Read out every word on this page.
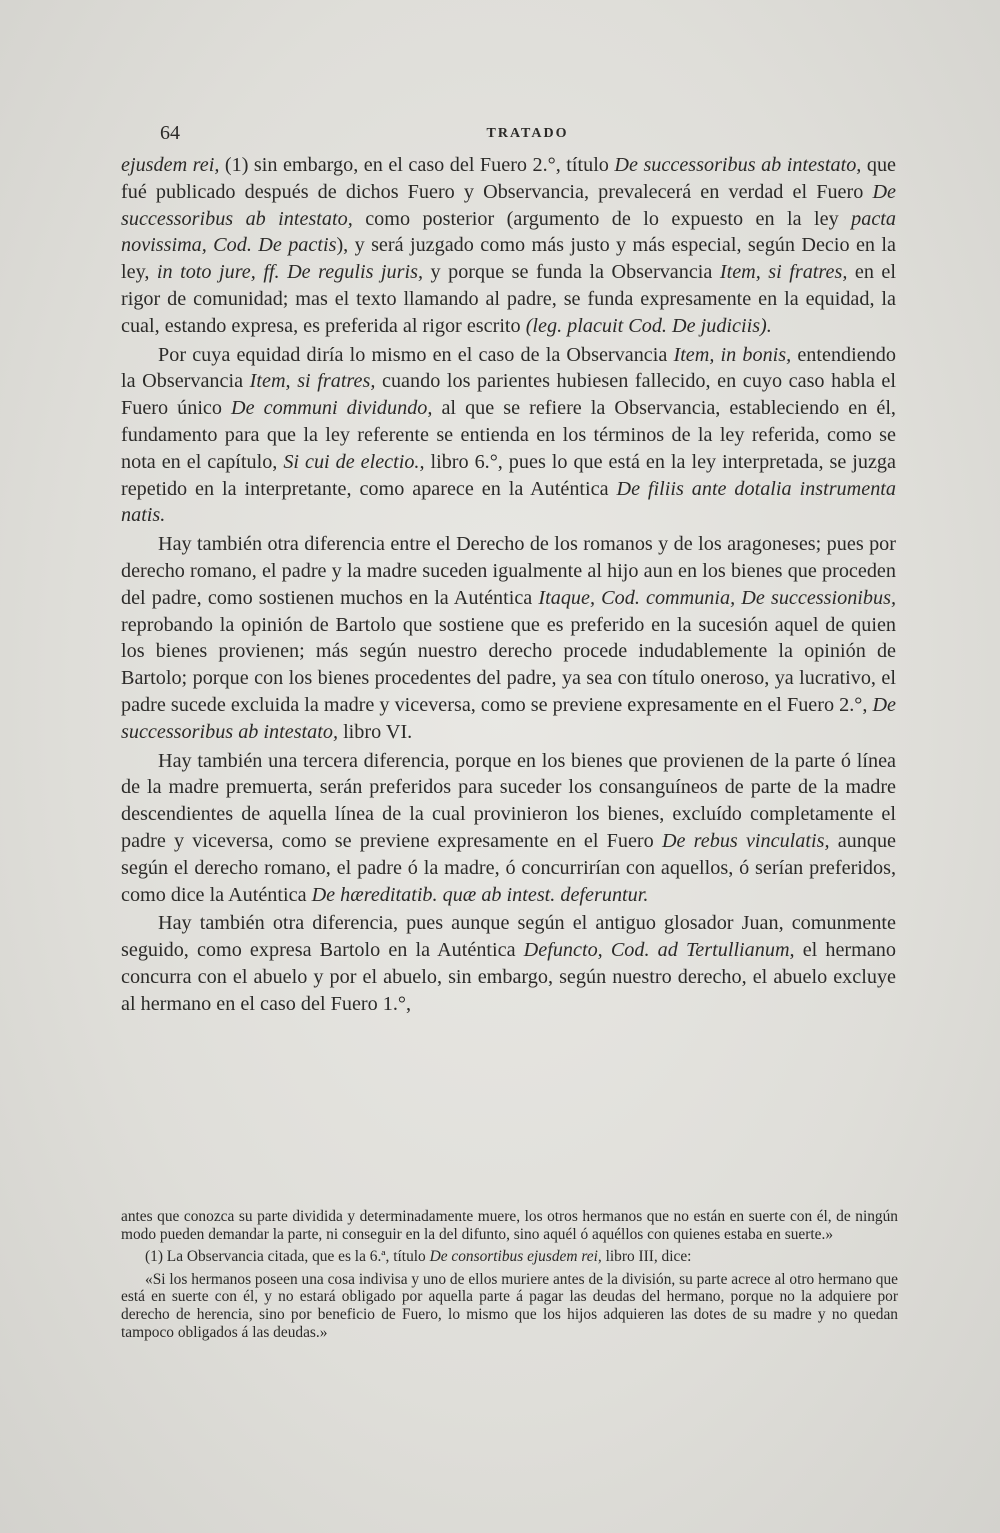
64	TRATADO

ejusdem rei, (1) sin embargo, en el caso del Fuero 2.°, título De successoribus ab intestato, que fué publicado después de dichos Fuero y Observancia, prevalecerá en verdad el Fuero De successoribus ab intestato, como posterior (argumento de lo expuesto en la ley pacta novissima, Cod. De pactis), y será juzgado como más justo y más especial, según Decio en la ley, in toto jure, ff. De regulis juris, y porque se funda la Observancia Item, si fratres, en el rigor de comunidad; mas el texto llamando al padre, se funda expresamente en la equidad, la cual, estando expresa, es preferida al rigor escrito (leg. placuit Cod. De judiciis).

Por cuya equidad diría lo mismo en el caso de la Observancia Item, in bonis, entendiendo la Observancia Item, si fratres, cuando los parientes hubiesen fallecido, en cuyo caso habla el Fuero único De communi dividundo, al que se refiere la Observancia, estableciendo en él, fundamento para que la ley referente se entienda en los términos de la ley referida, como se nota en el capítulo, Si cui de electio., libro 6.°, pues lo que está en la ley interpretada, se juzga repetido en la interpretante, como aparece en la Auténtica De filiis ante dotalia instrumenta natis.

Hay también otra diferencia entre el Derecho de los romanos y de los aragoneses; pues por derecho romano, el padre y la madre suceden igualmente al hijo aun en los bienes que proceden del padre, como sostienen muchos en la Auténtica Itaque, Cod. communia, De successionibus, reprobando la opinión de Bartolo que sostiene que es preferido en la sucesión aquel de quien los bienes provienen; más según nuestro derecho procede indudablemente la opinión de Bartolo; porque con los bienes procedentes del padre, ya sea con título oneroso, ya lucrativo, el padre sucede excluida la madre y viceversa, como se previene expresamente en el Fuero 2.°, De successoribus ab intestato, libro VI.

Hay también una tercera diferencia, porque en los bienes que provienen de la parte ó línea de la madre premuerta, serán preferidos para suceder los consanguíneos de parte de la madre descendientes de aquella línea de la cual provinieron los bienes, excluído completamente el padre y viceversa, como se previene expresamente en el Fuero De rebus vinculatis, aunque según el derecho romano, el padre ó la madre, ó concurrirían con aquellos, ó serían preferidos, como dice la Auténtica De hæreditatib. quæ ab intest. deferuntur.

Hay también otra diferencia, pues aunque según el antiguo glosador Juan, comunmente seguido, como expresa Bartolo en la Auténtica Defuncto, Cod. ad Tertullianum, el hermano concurra con el abuelo y por el abuelo, sin embargo, según nuestro derecho, el abuelo excluye al hermano en el caso del Fuero 1.°,

antes que conozca su parte dividida y determinadamente muere, los otros hermanos que no están en suerte con él, de ningún modo pueden demandar la parte, ni conseguir en la del difunto, sino aquél ó aquéllos con quienes estaba en suerte.»

(1) La Observancia citada, que es la 6.ª, título De consortibus ejusdem rei, libro III, dice:

«Si los hermanos poseen una cosa indivisa y uno de ellos muriere antes de la división, su parte acrece al otro hermano que está en suerte con él, y no estará obligado por aquella parte á pagar las deudas del hermano, porque no la adquiere por derecho de herencia, sino por beneficio de Fuero, lo mismo que los hijos adquieren las dotes de su madre y no quedan tampoco obligados á las deudas.»
